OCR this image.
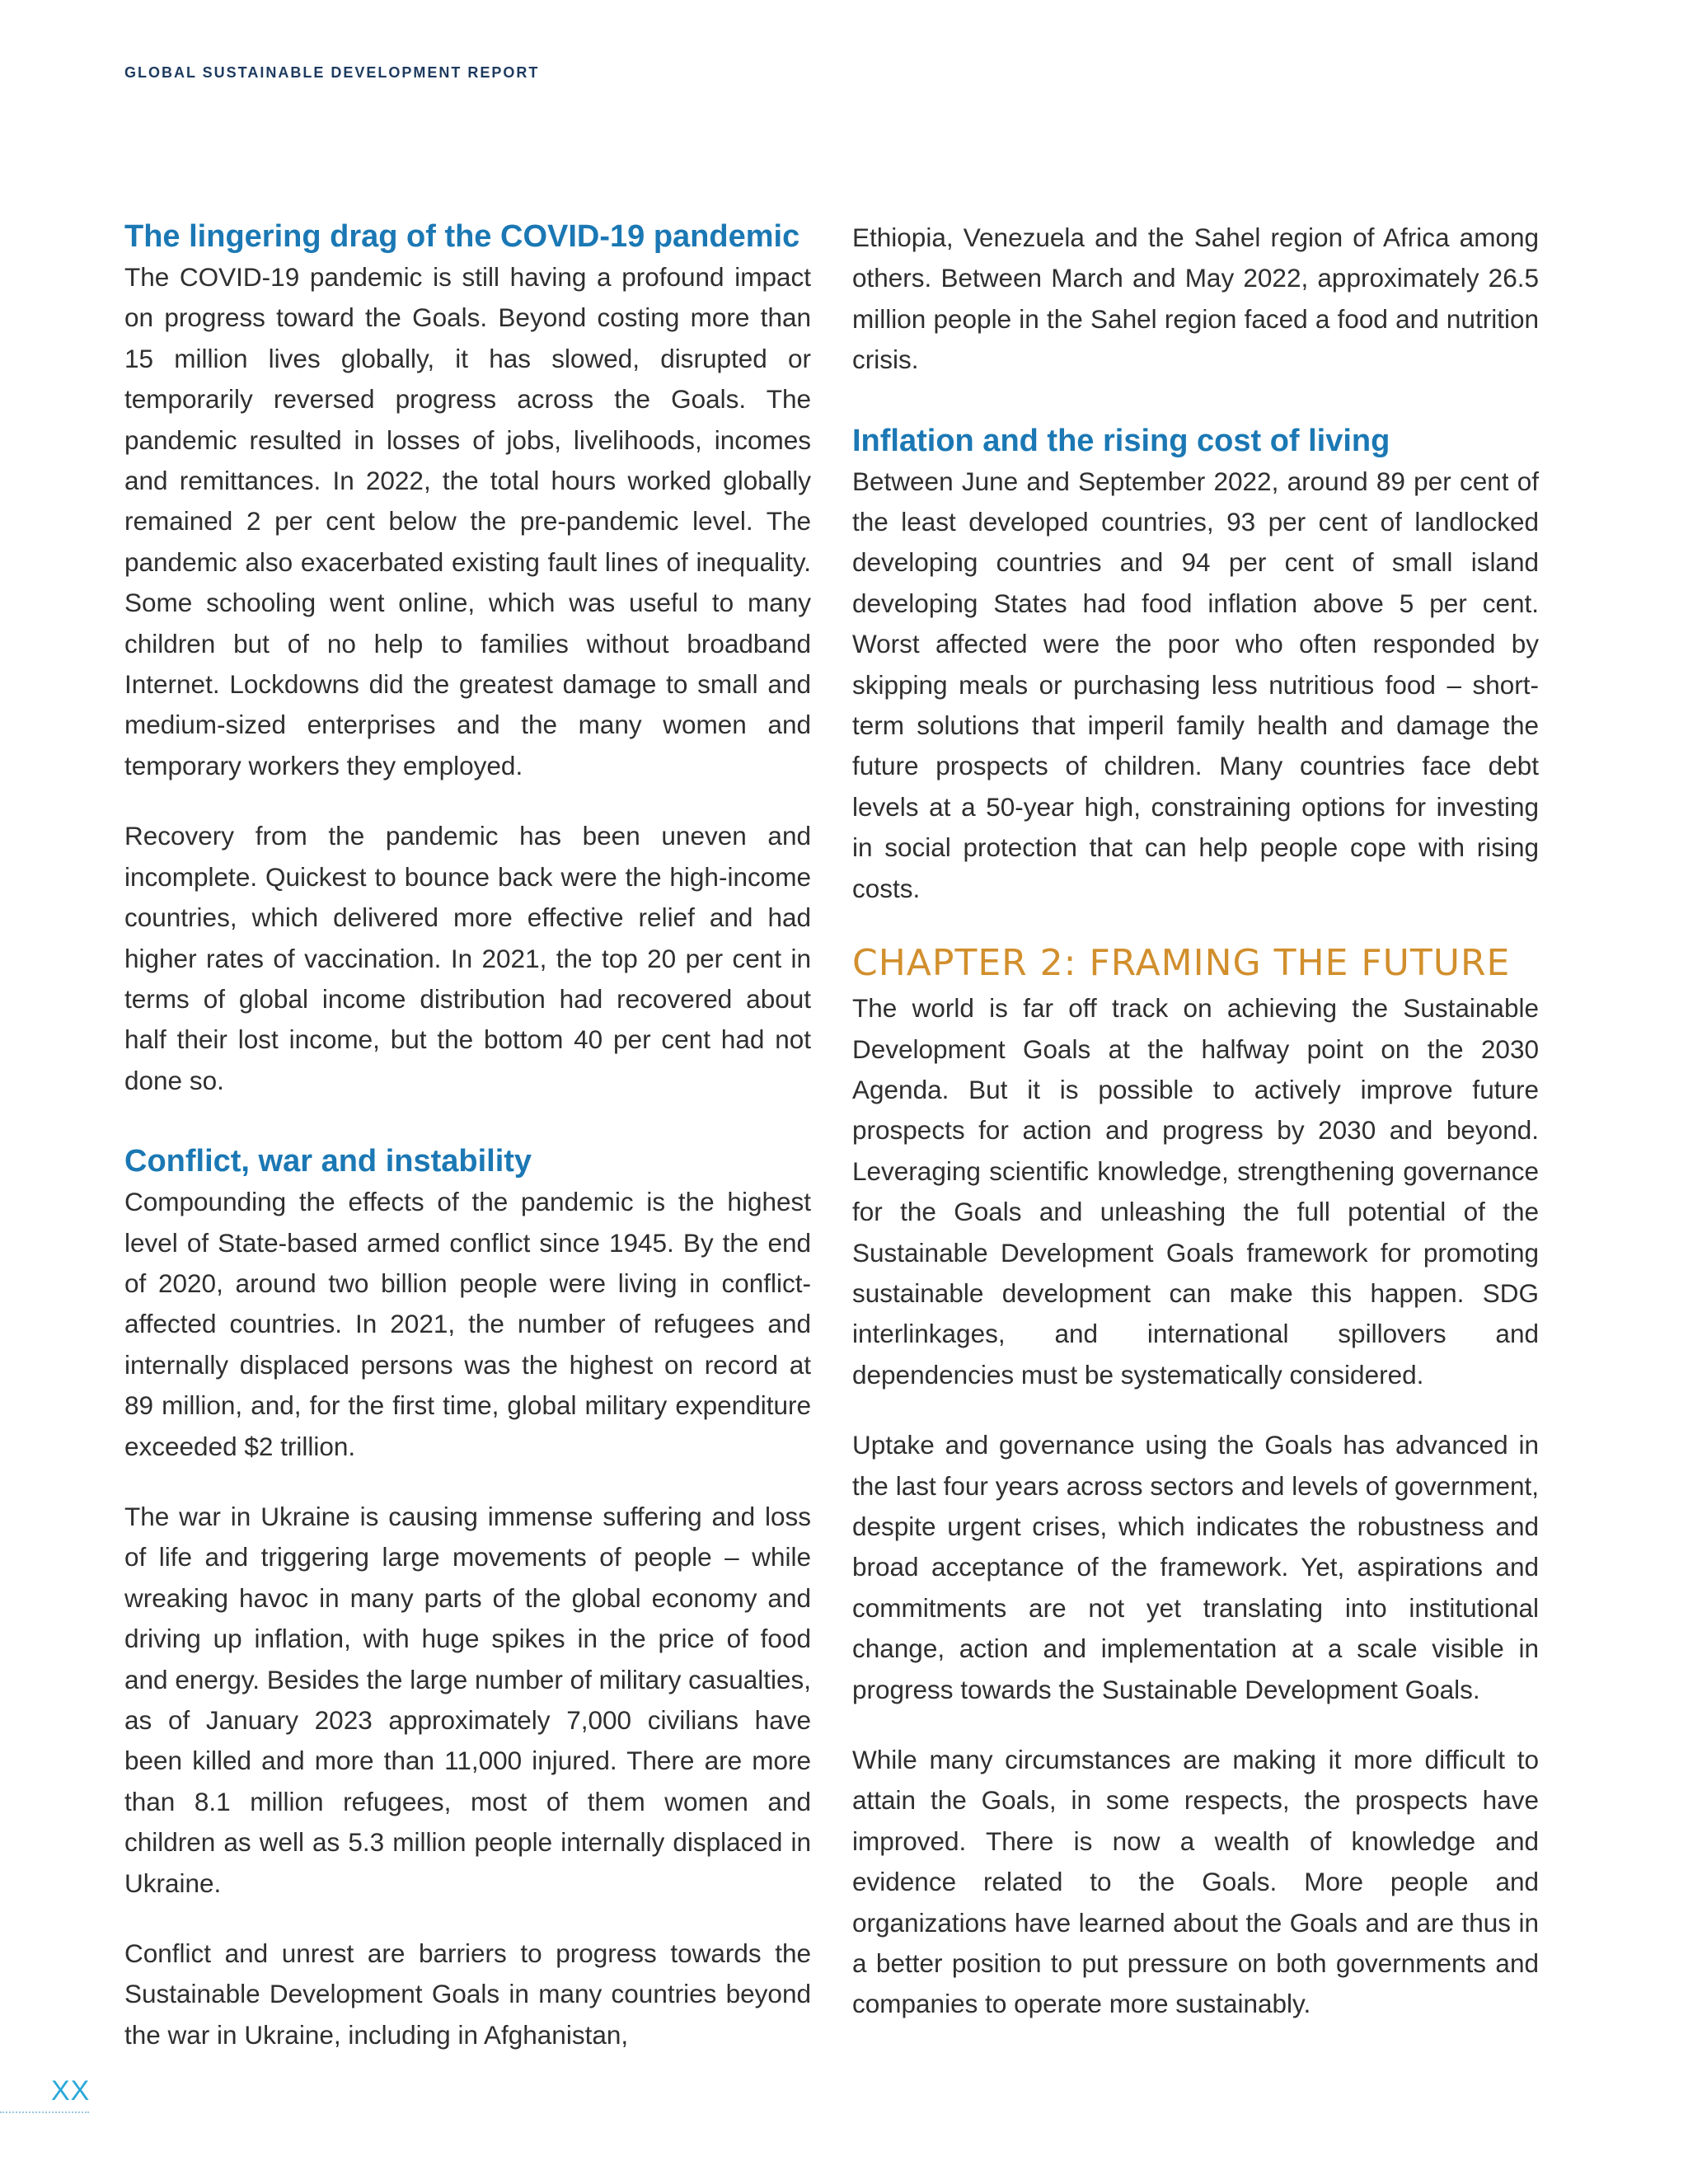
GLOBAL SUSTAINABLE DEVELOPMENT REPORT
The lingering drag of the COVID-19 pandemic

The COVID-19 pandemic is still having a profound impact on progress toward the Goals. Beyond costing more than 15 million lives globally, it has slowed, disrupted or temporarily reversed progress across the Goals. The pandemic resulted in losses of jobs, livelihoods, incomes and remittances. In 2022, the total hours worked globally remained 2 per cent below the pre-pandemic level. The pandemic also exacerbated existing fault lines of inequality. Some schooling went online, which was useful to many children but of no help to families without broadband Internet. Lockdowns did the greatest damage to small and medium-sized enterprises and the many women and temporary workers they employed.

Recovery from the pandemic has been uneven and incomplete. Quickest to bounce back were the high-income countries, which delivered more effective relief and had higher rates of vaccination. In 2021, the top 20 per cent in terms of global income distribution had recovered about half their lost income, but the bottom 40 per cent had not done so.

Conflict, war and instability

Compounding the effects of the pandemic is the highest level of State-based armed conflict since 1945. By the end of 2020, around two billion people were living in conflict-affected countries. In 2021, the number of refugees and internally displaced persons was the highest on record at 89 million, and, for the first time, global military expenditure exceeded $2 trillion.

The war in Ukraine is causing immense suffering and loss of life and triggering large movements of people – while wreaking havoc in many parts of the global economy and driving up inflation, with huge spikes in the price of food and energy. Besides the large number of military casualties, as of January 2023 approximately 7,000 civilians have been killed and more than 11,000 injured. There are more than 8.1 million refugees, most of them women and children as well as 5.3 million people internally displaced in Ukraine.

Conflict and unrest are barriers to progress towards the Sustainable Development Goals in many countries beyond the war in Ukraine, including in Afghanistan,

Ethiopia, Venezuela and the Sahel region of Africa among others. Between March and May 2022, approximately 26.5 million people in the Sahel region faced a food and nutrition crisis.

Inflation and the rising cost of living

Between June and September 2022, around 89 per cent of the least developed countries, 93 per cent of landlocked developing countries and 94 per cent of small island developing States had food inflation above 5 per cent. Worst affected were the poor who often responded by skipping meals or purchasing less nutritious food – short-term solutions that imperil family health and damage the future prospects of children. Many countries face debt levels at a 50-year high, constraining options for investing in social protection that can help people cope with rising costs.

CHAPTER 2: FRAMING THE FUTURE

The world is far off track on achieving the Sustainable Development Goals at the halfway point on the 2030 Agenda. But it is possible to actively improve future prospects for action and progress by 2030 and beyond. Leveraging scientific knowledge, strengthening governance for the Goals and unleashing the full potential of the Sustainable Development Goals framework for promoting sustainable development can make this happen. SDG interlinkages, and international spillovers and dependencies must be systematically considered.

Uptake and governance using the Goals has advanced in the last four years across sectors and levels of government, despite urgent crises, which indicates the robustness and broad acceptance of the framework. Yet, aspirations and commitments are not yet translating into institutional change, action and implementation at a scale visible in progress towards the Sustainable Development Goals.

While many circumstances are making it more difficult to attain the Goals, in some respects, the prospects have improved. There is now a wealth of knowledge and evidence related to the Goals. More people and organizations have learned about the Goals and are thus in a better position to put pressure on both governments and companies to operate more sustainably.

XX
